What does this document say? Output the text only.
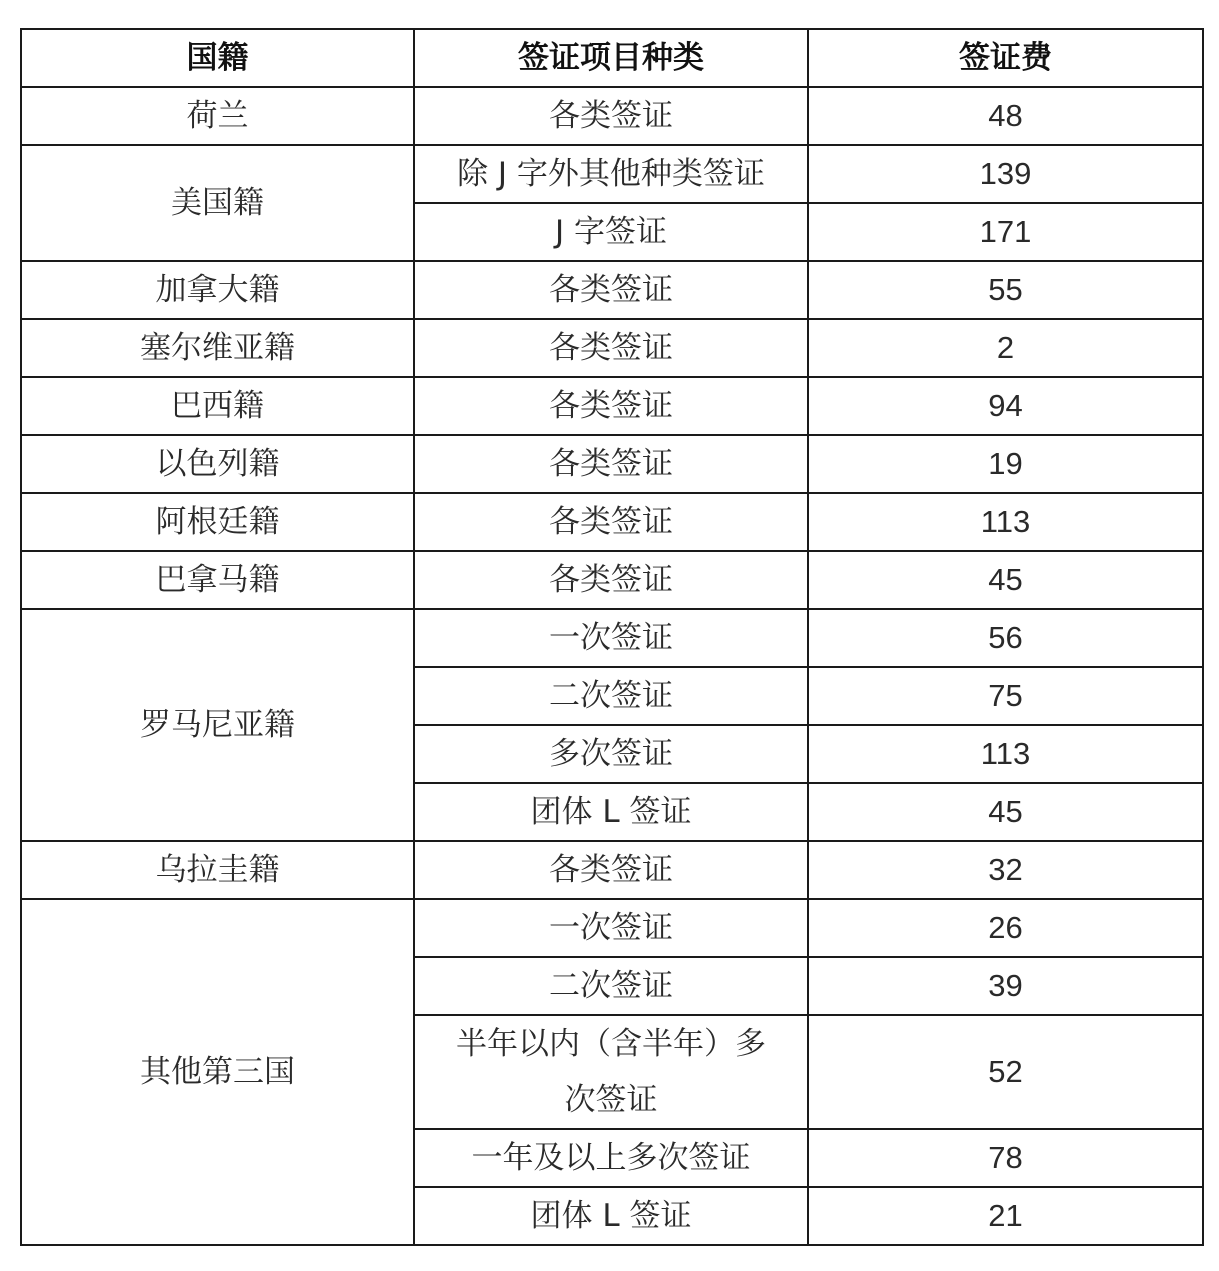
国籍	签证项目种类	签证费
荷兰	各类签证	48
美国籍	除 J 字外其他种类签证	139
	J 字签证	171
加拿大籍	各类签证	55
塞尔维亚籍	各类签证	2
巴西籍	各类签证	94
以色列籍	各类签证	19
阿根廷籍	各类签证	113
巴拿马籍	各类签证	45
罗马尼亚籍	一次签证	56
	二次签证	75
	多次签证	113
	团体 L 签证	45
乌拉圭籍	各类签证	32
其他第三国	一次签证	26
	二次签证	39
	半年以内（含半年）多次签证	52
	一年及以上多次签证	78
	团体 L 签证	21
